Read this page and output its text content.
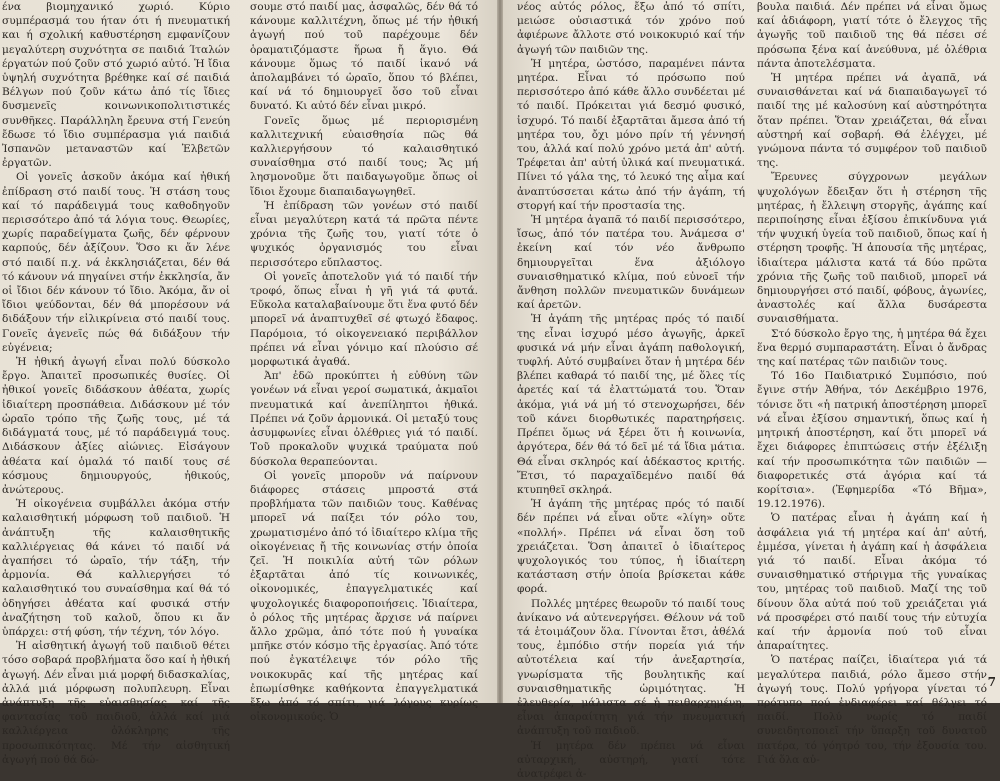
ένα βιομηχανικό χωριό. Κύριο συμπέρασμά του ήταν ότι ή πνευματική και ή σχολική καθυστέρηση εμφανίζουν μεγαλύτερη συχνότητα σε παιδιά Ίταλών έργατών πού ζοῦν στό χωριό αὐτό. Ἡ ἴδια ὑψηλή συχνότητα βρέθηκε καί σέ παιδιά Βέλγων πού ζοῦν κάτω ἀπό τίς ἴδιες δυσμενεῖς κοινωνικοπολιτιστικές συνθῆκες. Παράλληλη ἔρευνα στή Γενεύη ἔδωσε τό ἴδιο συμπέρασμα γιά παιδιά Ἰσπανῶν μεταναστῶν καί Ἑλβετῶν ἐργατῶν.

Οἱ γονεῖς ἀσκοῦν ἀκόμα καί ἠθική ἐπίδραση στό παιδί τους. Ἡ στάση τους καί τό παράδειγμά τους καθοδηγοῦν περισσότερο ἀπό τά λόγια τους. Θεωρίες, χωρίς παραδείγματα ζωῆς, δέν φέρνουν καρπούς, δέν ἀξίζουν. Ὅσο κι ἄν λένε στό παιδί π.χ. νά ἐκκλησιάζεται, δέν θά τό κάνουν νά πηγαίνει στήν ἐκκλησία, ἄν οἱ ἴδιοι δέν κάνουν τό ἴδιο. Ἀκόμα, ἄν οἱ ἴδιοι ψεύδονται, δέν θά μπορέσουν νά διδάξουν τήν εἰλικρίνεια στό παιδί τους. Γονεῖς ἀγενεῖς πώς θά διδάξουν τήν εὐγένεια;

Ἡ ἠθική ἀγωγή εἶναι πολύ δύσκολο ἔργο. Ἀπαιτεῖ προσωπικές θυσίες. Οἱ ἠθικοί γονεῖς διδάσκουν ἀθέατα, χωρίς ἰδιαίτερη προσπάθεια. Διδάσκουν μέ τόν ὡραῖο τρόπο τῆς ζωῆς τους, μέ τά διδάγματά τους, μέ τό παράδειγμά τους. Διδάσκουν ἀξίες αἰώνιες. Εἰσάγουν ἀθέατα καί ὁμαλά τό παιδί τους σέ κόσμους δημιουργούς, ἠθικούς, ἀνώτερους.

Ἡ οἰκογένεια συμβάλλει ἀκόμα στήν καλαισθητική μόρφωση τοῦ παιδιοῦ. Ἡ ἀνάπτυξη τῆς καλαισθητικῆς καλλιέργειας θά κάνει τό παιδί νά ἀγαπήσει τό ὡραῖο, τήν τάξη, τήν ἁρμονία. Θά καλλιεργήσει τό καλαισθητικό του συναίσθημα καί θά τό ὁδηγήσει ἀθέατα καί φυσικά στήν ἀναζήτηση τοῦ καλοῦ, ὅπου κι ἄν ὑπάρχει: στή φύση, τήν τέχνη, τόν λόγο.

Ἡ αἰσθητική ἀγωγή τοῦ παιδιοῦ θέτει τόσο σοβαρά προβλήματα ὅσο καί ἡ ἠθική ἀγωγή. Δέν εἶναι μιά μορφή διδασκαλίας, ἀλλά μιά μόρφωση πολυπλευρη. Εἶναι ἀνάπτυξη τῆς εὐαισθησίας καί τῆς φαντασίας τοῦ παιδιοῦ, ἀλλά καί μιά καλλιέργεια ὁλόκληρης τῆς προσωπικότητας. Μέ τήν αἰσθητική ἀγωγή πού θά δώ-

σουμε στό παιδί μας, ἀσφαλῶς, δέν θά τό κάνουμε καλλιτέχνη, ὅπως μέ τήν ἠθική ἀγωγή πού τοῦ παρέχουμε δέν ὁραματιζόμαστε ἥρωα ἤ ἅγιο. Θά κάνουμε ὅμως τό παιδί ἱκανό νά ἀπολαμβάνει τό ὡραῖο, ὅπου τό βλέπει, καί νά τό δημιουργεῖ ὅσο τοῦ εἶναι δυνατό. Κι αὐτό δέν εἶναι μικρό.

Γονεῖς ὅμως μέ περιορισμένη καλλιτεχνική εὐαισθησία πῶς θά καλλιεργήσουν τό καλαισθητικό συναίσθημα στό παιδί τους; Ἄς μή λησμονοῦμε ὅτι παιδαγωγοῦμε ὅπως οἱ ἴδιοι ἔχουμε διαπαιδαγωγηθεῖ.

Ἡ ἐπίδραση τῶν γονέων στό παιδί εἶναι μεγαλύτερη κατά τά πρῶτα πέντε χρόνια τῆς ζωῆς του, γιατί τότε ὁ ψυχικός ὀργανισμός του εἶναι περισσότερο εὔπλαστος.

Οἱ γονεῖς ἀποτελοῦν γιά τό παιδί τήν τροφό, ὅπως εἶναι ἡ γῆ γιά τά φυτά. Εὔκολα καταλαβαίνουμε ὅτι ἕνα φυτό δέν μπορεῖ νά ἀναπτυχθεῖ σέ φτωχό ἔδαφος. Παρόμοια, τό οἰκογενειακό περιβάλλον πρέπει νά εἶναι γόνιμο καί πλούσιο σέ μορφωτικά ἀγαθά.

Ἀπ' ἐδῶ προκύπτει ἡ εὐθύνη τῶν γονέων νά εἶναι γεροί σωματικά, ἀκμαῖοι πνευματικά καί ἀνεπίληπτοι ἠθικά. Πρέπει νά ζοῦν ἁρμονικά. Οἱ μεταξύ τους ἀσυμφωνίες εἶναι ὀλέθριες γιά τό παιδί. Τοῦ προκαλοῦν ψυχικά τραύματα πού δύσκολα θεραπεύονται.

Οἱ γονεῖς μποροῦν νά παίρνουν διάφορες στάσεις μπροστά στά προβλήματα τῶν παιδιῶν τους. Καθένας μπορεῖ νά παίξει τόν ρόλο του, χρωματισμένο ἀπό τό ἰδιαίτερο κλίμα τῆς οἰκογένειας ἤ τῆς κοινωνίας στήν ὁποία ζεῖ. Ἡ ποικιλία αὐτή τῶν ρόλων ἐξαρτᾶται ἀπό τίς κοινωνικές, οἰκονομικές, ἐπαγγελματικές καί ψυχολογικές διαφοροποιήσεις. Ἰδιαίτερα, ὁ ρόλος τῆς μητέρας ἄρχισε νά παίρνει ἄλλο χρῶμα, ἀπό τότε πού ἡ γυναίκα μπῆκε στόν κόσμο τῆς ἐργασίας. Ἀπό τότε πού ἐγκατέλειψε τόν ρόλο τῆς νοικοκυρᾶς καί τῆς μητέρας καί ἐπωμίσθηκε καθήκοντα ἐπαγγελματικά ἔξω ἀπό τό σπίτι, γιά λόγους κυρίως οἰκονομικούς. Ὁ

νέος αὐτός ρόλος, ἔξω ἀπό τό σπίτι, μειώσε οὐσιαστικά τόν χρόνο πού ἀφιέρωνε ἄλλοτε στό νοικοκυριό καί τήν ἀγωγή τῶν παιδιῶν της.

Ἡ μητέρα, ὡστόσο, παραμένει πάντα μητέρα. Εἶναι τό πρόσωπο πού περισσότερο ἀπό κάθε ἄλλο συνδέεται μέ τό παιδί. Πρόκειται γιά δεσμό φυσικό, ἰσχυρό. Τό παιδί ἐξαρτᾶται ἄμεσα ἀπό τή μητέρα του, ὄχι μόνο πρίν τή γέννησή του, ἀλλά καί πολύ χρόνο μετά ἀπ' αὐτή. Τρέφεται ἀπ' αὐτή ὑλικά καί πνευματικά. Πίνει τό γάλα της, τό λευκό της αἷμα καί ἀναπτύσσεται κάτω ἀπό τήν ἀγάπη, τή στοργή καί τήν προστασία της.

Ἡ μητέρα ἀγαπᾶ τό παιδί περισσότερο, ἴσως, ἀπό τόν πατέρα του. Ἀνάμεσα σ' ἐκείνη καί τόν νέο ἄνθρωπο δημιουργεῖται ἕνα ἀξιόλογο συναισθηματικό κλίμα, πού εὐνοεῖ τήν ἄνθηση πολλῶν πνευματικῶν δυνάμεων καί ἀρετῶν.

Ἡ ἀγάπη τῆς μητέρας πρός τό παιδί της εἶναι ἰσχυρό μέσο ἀγωγῆς, ἀρκεῖ φυσικά νά μήν εἶναι ἀγάπη παθολογική, τυφλή. Αὐτό συμβαίνει ὅταν ἡ μητέρα δέν βλέπει καθαρά τό παιδί της, μέ ὅλες τίς ἀρετές καί τά ἐλαττώματά του. Ὅταν ἀκόμα, γιά νά μή τό στενοχωρήσει, δέν τοῦ κάνει διορθωτικές παρατηρήσεις. Πρέπει ὅμως νά ξέρει ὅτι ἡ κοινωνία, ἀργότερα, δέν θά τό δεῖ μέ τά ἴδια μάτια. Θά εἶναι σκληρός καί ἀδέκαστος κριτής. Ἔτσι, τό παραχαϊδεμένο παιδί θά κτυπηθεῖ σκληρά.

Ἡ ἀγάπη τῆς μητέρας πρός τό παιδί δέν πρέπει νά εἶναι οὔτε «λίγη» οὔτε «πολλή». Πρέπει νά εἶναι ὅση τοῦ χρειάζεται. Ὅση ἀπαιτεῖ ὁ ἰδιαίτερος ψυχολογικός του τύπος, ἡ ἰδιαίτερη κατάσταση στήν ὁποία βρίσκεται κάθε φορά.

Πολλές μητέρες θεωροῦν τό παιδί τους ἀνίκανο νά αὐτενεργήσει. Θέλουν νά τοῦ τά ἑτοιμάζουν ὅλα. Γίνονται ἔτσι, ἀθέλά τους, ἐμπόδιο στήν πορεία γιά τήν αὐτοτέλεια καί τήν ἀνεξαρτησία, γνωρίσματα τῆς βουλητικῆς καί συναισθηματικῆς ὡριμότητας. Ἡ ἐλευθερία, μάλιστα σέ ἡ πειθαρχημένη, εἶναι ἀπαραίτητη γιά τήν πνευματική ἀνάπτυξη τοῦ παιδιοῦ.

Ἡ μητέρα δέν πρέπει νά εἶναι αὐταρχική, αὐστηρή, γιατί τότε ἀνατρέφει ἀ-

βουλα παιδιά. Δέν πρέπει νά εἶναι ὅμως καί ἀδιάφορη, γιατί τότε ὁ ἔλεγχος τῆς ἀγωγῆς τοῦ παιδιοῦ της θά πέσει σέ πρόσωπα ξένα καί ἀνεύθυνα, μέ ὀλέθρια πάντα ἀποτελέσματα.

Ἡ μητέρα πρέπει νά ἀγαπᾶ, νά συναισθάνεται καί νά διαπαιδαγωγεῖ τό παιδί της μέ καλοσύνη καί αὐστηρότητα ὅταν πρέπει. Ὅταν χρειάζεται, θά εἶναι αὐστηρή καί σοβαρή. Θά ἐλέγχει, μέ γνώμονα πάντα τό συμφέρον τοῦ παιδιοῦ της.

Ἔρευνες σύγχρονων μεγάλων ψυχολόγων ἔδειξαν ὅτι ἡ στέρηση τῆς μητέρας, ἡ ἔλλειψη στοργῆς, ἀγάπης καί περιποίησης εἶναι ἐξίσου ἐπικίνδυνα γιά τήν ψυχική ὑγεία τοῦ παιδιοῦ, ὅπως καί ἡ στέρηση τροφῆς. Ἡ ἀπουσία τῆς μητέρας, ἰδιαίτερα μάλιστα κατά τά δύο πρῶτα χρόνια τῆς ζωῆς τοῦ παιδιοῦ, μπορεῖ νά δημιουργήσει στό παιδί, φόβους, ἀγωνίες, ἀναστολές καί ἄλλα δυσάρεστα συναισθήματα.

Στό δύσκολο ἔργο της, ἡ μητέρα θά ἔχει ἕνα θερμό συμπαραστάτη. Εἶναι ὁ ἄνδρας της καί πατέρας τῶν παιδιῶν τους.

Τό 16ο Παιδιατρικό Συμπόσιο, πού ἔγινε στήν Ἀθήνα, τόν Δεκέμβριο 1976, τόνισε ὅτι «ἡ πατρική ἀποστέρηση μπορεῖ νά εἶναι ἐξίσου σημαντική, ὅπως καί ἡ μητρική ἀποστέρηση, καί ὅτι μπορεῖ νά ἔχει διάφορες ἐπιπτώσεις στήν ἐξέλιξη καί τήν προσωπικότητα τῶν παιδιῶν — διαφορετικές στά ἀγόρια καί τά κορίτσια». (Ἐφημερίδα «Τό Βῆμα», 19.12.1976).

Ὁ πατέρας εἶναι ἡ ἀγάπη καί ἡ ἀσφάλεια γιά τή μητέρα καί ἀπ' αὐτή, ἐμμέσα, γίνεται ἡ ἀγάπη καί ἡ ἀσφάλεια γιά τό παιδί. Εἶναι ἀκόμα τό συναισθηματικό στήριγμα τῆς γυναίκας του, μητέρας τοῦ παιδιοῦ. Μαζί της τοῦ δίνουν ὅλα αὐτά πού τοῦ χρειάζεται γιά νά προσφέρει στό παιδί τους τήν εὐτυχία καί τήν ἁρμονία πού τοῦ εἶναι ἀπαραίτητες.

Ὁ πατέρας παίζει, ἰδιαίτερα γιά τά μεγαλύτερα παιδιά, ρόλο ἄμεσο στήν ἀγωγή τους. Πολύ γρήγορα γίνεται τό πρότυπο πού ἐνδιαφέρει καί θέλγει τό παιδί. Πολύ νωρίς τό παιδί συνειδητοποιεῖ τήν ὕπαρξη τοῦ δυνατοῦ πατέρα, τό γόητρό του, τήν ἐξουσία του. Γιά ὅλα αὐ-

7
